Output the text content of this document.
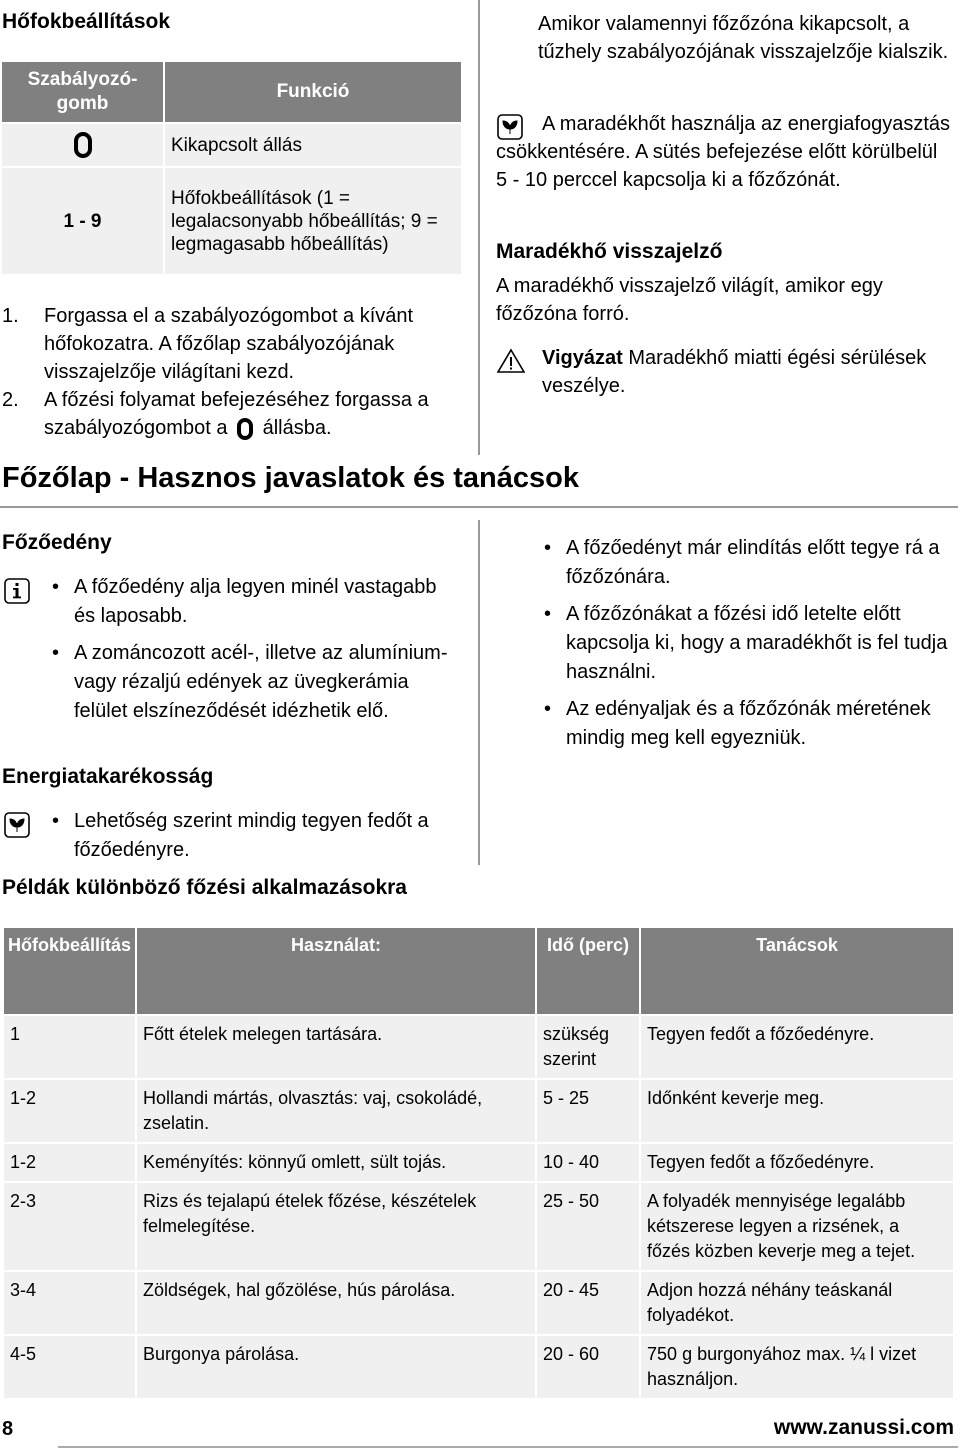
Hőfokbeállítások
Szabályozó-gomb	Funkció
	Kikapcsolt állás
1 - 9	Hőfokbeállítások (1 = legalacsonyabb hőbeállítás; 9 = legmagasabb hőbeállítás)
1. Forgassa el a szabályozógombot a kívánt hőfokozatra. A főzőlap szabályozójának visszajelzője világítani kezd.
2. A főzési folyamat befejezéséhez forgassa a szabályozógombot a állásba.
Amikor valamennyi főzőzóna kikapcsolt, a tűzhely szabályozójának visszajelzője kialszik.
A maradékhőt használja az energiafogyasztás csökkentésére. A sütés befejezése előtt körülbelül 5 - 10 perccel kapcsolja ki a főzőzónát.
Maradékhő visszajelző
A maradékhő visszajelző világít, amikor egy főzőzóna forró.
Vigyázat Maradékhő miatti égési sérülések veszélye.
Főzőlap - Hasznos javaslatok és tanácsok
Főzőedény
• A főzőedény alja legyen minél vastagabb és laposabb.
• A zománcozott acél-, illetve az alumínium- vagy rézaljú edények az üvegkerámia felület elszíneződését idézhetik elő.
Energiatakarékosság
• Lehetőség szerint mindig tegyen fedőt a főzőedényre.
• A főzőedényt már elindítás előtt tegye rá a főzőzónára.
• A főzőzónákat a főzési idő letelte előtt kapcsolja ki, hogy a maradékhőt is fel tudja használni.
• Az edényaljak és a főzőzónák méretének mindig meg kell egyezniük.
Példák különböző főzési alkalmazásokra
Hőfokbeállítás	Használat:	Idő (perc)	Tanácsok
1	Főtt ételek melegen tartására.	szükség szerint	Tegyen fedőt a főzőedényre.
1-2	Hollandi mártás, olvasztás: vaj, csokoládé, zselatin.	5 - 25	Időnként keverje meg.
1-2	Keményítés: könnyű omlett, sült tojás.	10 - 40	Tegyen fedőt a főzőedényre.
2-3	Rizs és tejalapú ételek főzése, készételek felmelegítése.	25 - 50	A folyadék mennyisége legalább kétszerese legyen a rizsének, a főzés közben keverje meg a tejet.
3-4	Zöldségek, hal gőzölése, hús párolása.	20 - 45	Adjon hozzá néhány teáskanál folyadékot.
4-5	Burgonya párolása.	20 - 60	750 g burgonyához max. ¼ l vizet használjon.
8	www.zanussi.com
